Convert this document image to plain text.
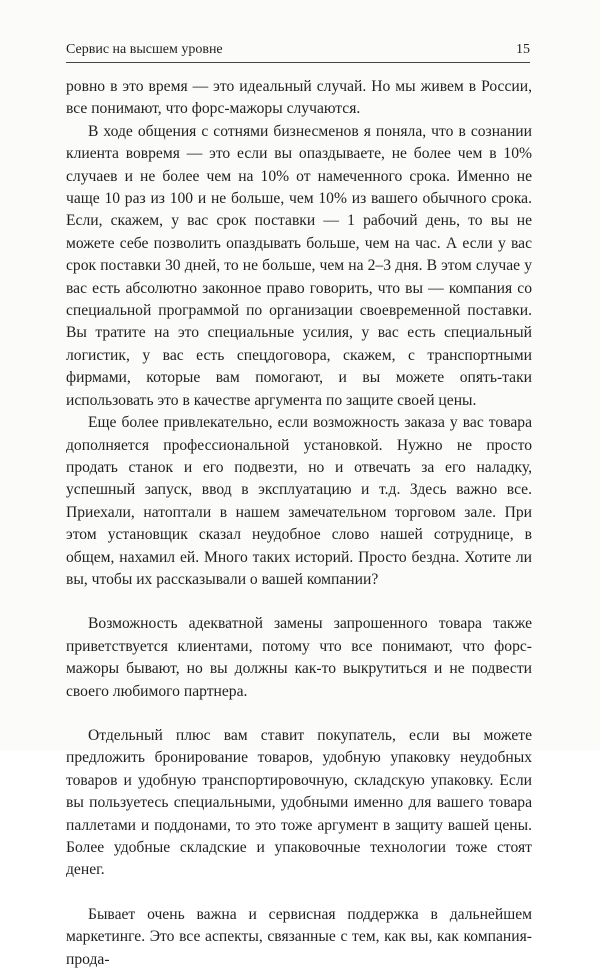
Сервис на высшем уровне	15

ровно в это время — это идеальный случай. Но мы живем в России, все понимают, что форс-мажоры случаются.

В ходе общения с сотнями бизнесменов я поняла, что в сознании клиента вовремя — это если вы опаздываете, не более чем в 10% случаев и не более чем на 10% от намеченного срока. Именно не чаще 10 раз из 100 и не больше, чем 10% из вашего обычного срока. Если, скажем, у вас срок поставки — 1 рабочий день, то вы не можете себе позволить опаздывать больше, чем на час. А если у вас срок поставки 30 дней, то не больше, чем на 2–3 дня. В этом случае у вас есть абсолютно законное право говорить, что вы — компания со специальной программой по организации своевременной поставки. Вы тратите на это специальные усилия, у вас есть специальный логистик, у вас есть спецдоговора, скажем, с транспортными фирмами, которые вам помогают, и вы можете опять-таки использовать это в качестве аргумента по защите своей цены.

Еще более привлекательно, если возможность заказа у вас товара дополняется профессиональной установкой. Нужно не просто продать станок и его подвезти, но и отвечать за его наладку, успешный запуск, ввод в эксплуатацию и т.д. Здесь важно все. Приехали, натоптали в нашем замечательном торговом зале. При этом установщик сказал неудобное слово нашей сотруднице, в общем, нахамил ей. Много таких историй. Просто бездна. Хотите ли вы, чтобы их рассказывали о вашей компании?

Возможность адекватной замены запрошенного товара также приветствуется клиентами, потому что все понимают, что форс-мажоры бывают, но вы должны как-то выкрутиться и не подвести своего любимого партнера.

Отдельный плюс вам ставит покупатель, если вы можете предложить бронирование товаров, удобную упаковку неудобных товаров и удобную транспортировочную, складскую упаковку. Если вы пользуетесь специальными, удобными именно для вашего товара паллетами и поддонами, то это тоже аргумент в защиту вашей цены. Более удобные складские и упаковочные технологии тоже стоят денег.

Бывает очень важна и сервисная поддержка в дальнейшем маркетинге. Это все аспекты, связанные с тем, как вы, как компания-прода-
